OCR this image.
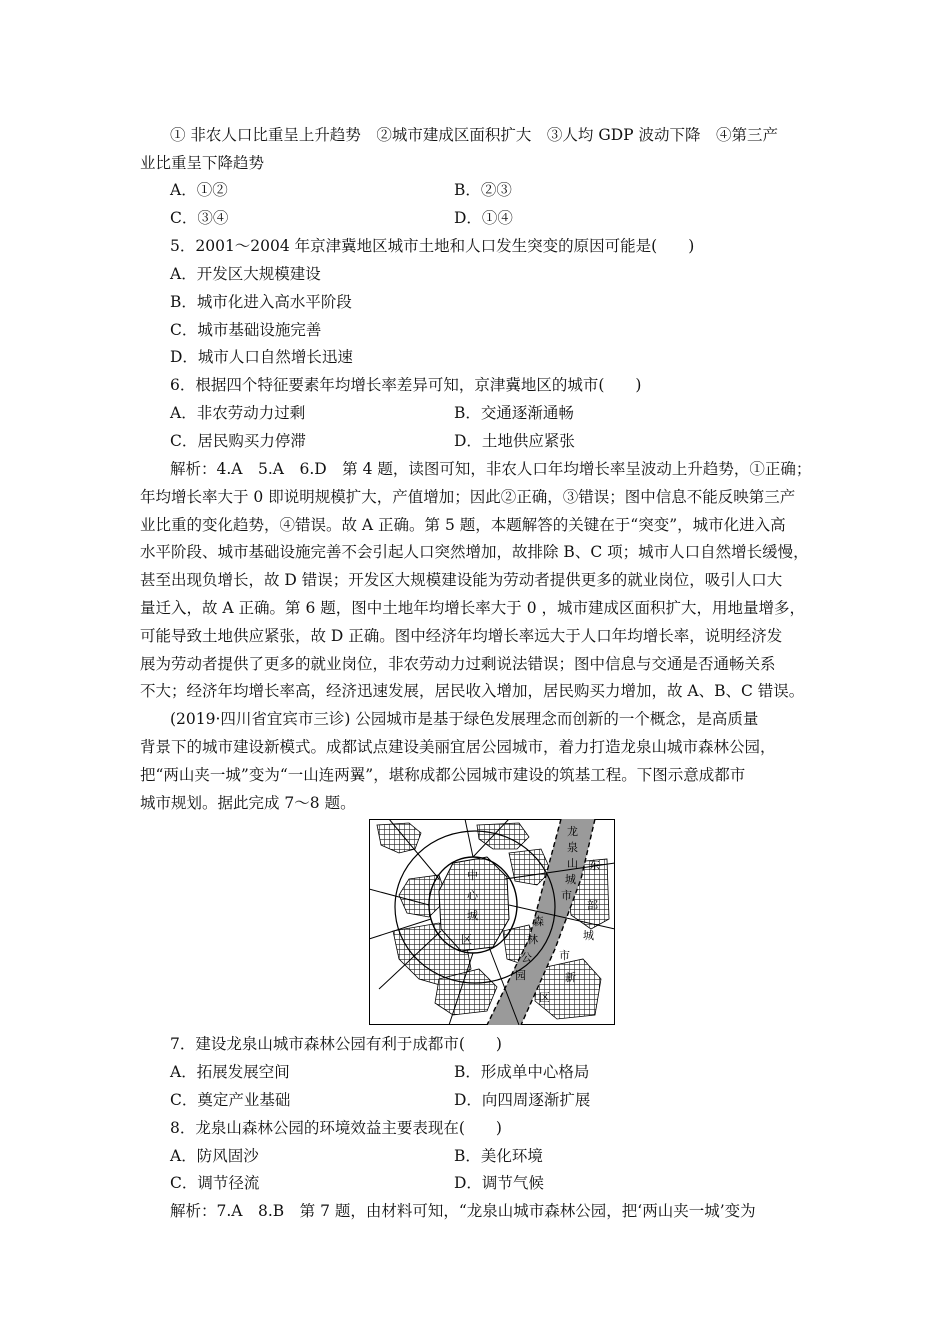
① 非农人口比重呈上升趋势　②城市建成区面积扩大　③人均 GDP 波动下降　④第三产
业比重呈下降趋势
A．①②	B．②③
C．③④	D．①④
5．2001～2004 年京津冀地区城市土地和人口发生突变的原因可能是(　　)
A．开发区大规模建设
B．城市化进入高水平阶段
C．城市基础设施完善
D．城市人口自然增长迅速
6．根据四个特征要素年均增长率差异可知，京津冀地区的城市(　　)
A．非农劳动力过剩	B．交通逐渐通畅
C．居民购买力停滞	D．土地供应紧张
解析：4.A　5.A　6.D　第 4 题，读图可知，非农人口年均增长率呈波动上升趋势，①正确；
年均增长率大于 0 即说明规模扩大，产值增加；因此②正确，③错误；图中信息不能反映第三产
业比重的变化趋势，④错误。故 A 正确。第 5 题，本题解答的关键在于“突变”，城市化进入高
水平阶段、城市基础设施完善不会引起人口突然增加，故排除 B、C 项；城市人口自然增长缓慢，
甚至出现负增长，故 D 错误；开发区大规模建设能为劳动者提供更多的就业岗位，吸引人口大
量迁入，故 A 正确。第 6 题，图中土地年均增长率大于 0 ，城市建成区面积扩大，用地量增多，
可能导致土地供应紧张，故 D 正确。图中经济年均增长率远大于人口年均增长率，说明经济发
展为劳动者提供了更多的就业岗位，非农劳动力过剩说法错误；图中信息与交通是否通畅关系
不大；经济年均增长率高，经济迅速发展，居民收入增加，居民购买力增加，故 A、B、C 错误。
(2019·四川省宜宾市三诊) 公园城市是基于绿色发展理念而创新的一个概念，是高质量
背景下的城市建设新模式。成都试点建设美丽宜居公园城市，着力打造龙泉山城市森林公园，
把“两山夹一城”变为“一山连两翼”，堪称成都公园城市建设的筑基工程。下图示意成都市
城市规划。据此完成 7～8 题。
中
心
城
区
森
林
公
园
龙
泉
山
城
市
东
部
城
市
新
区
7．建设龙泉山城市森林公园有利于成都市(　　)
A．拓展发展空间	B．形成单中心格局
C．奠定产业基础	D．向四周逐渐扩展
8．龙泉山森林公园的环境效益主要表现在(　　)
A．防风固沙	B．美化环境
C．调节径流	D．调节气候
解析：7.A　8.B　第 7 题，由材料可知，“龙泉山城市森林公园，把‘两山夹一城’变为
